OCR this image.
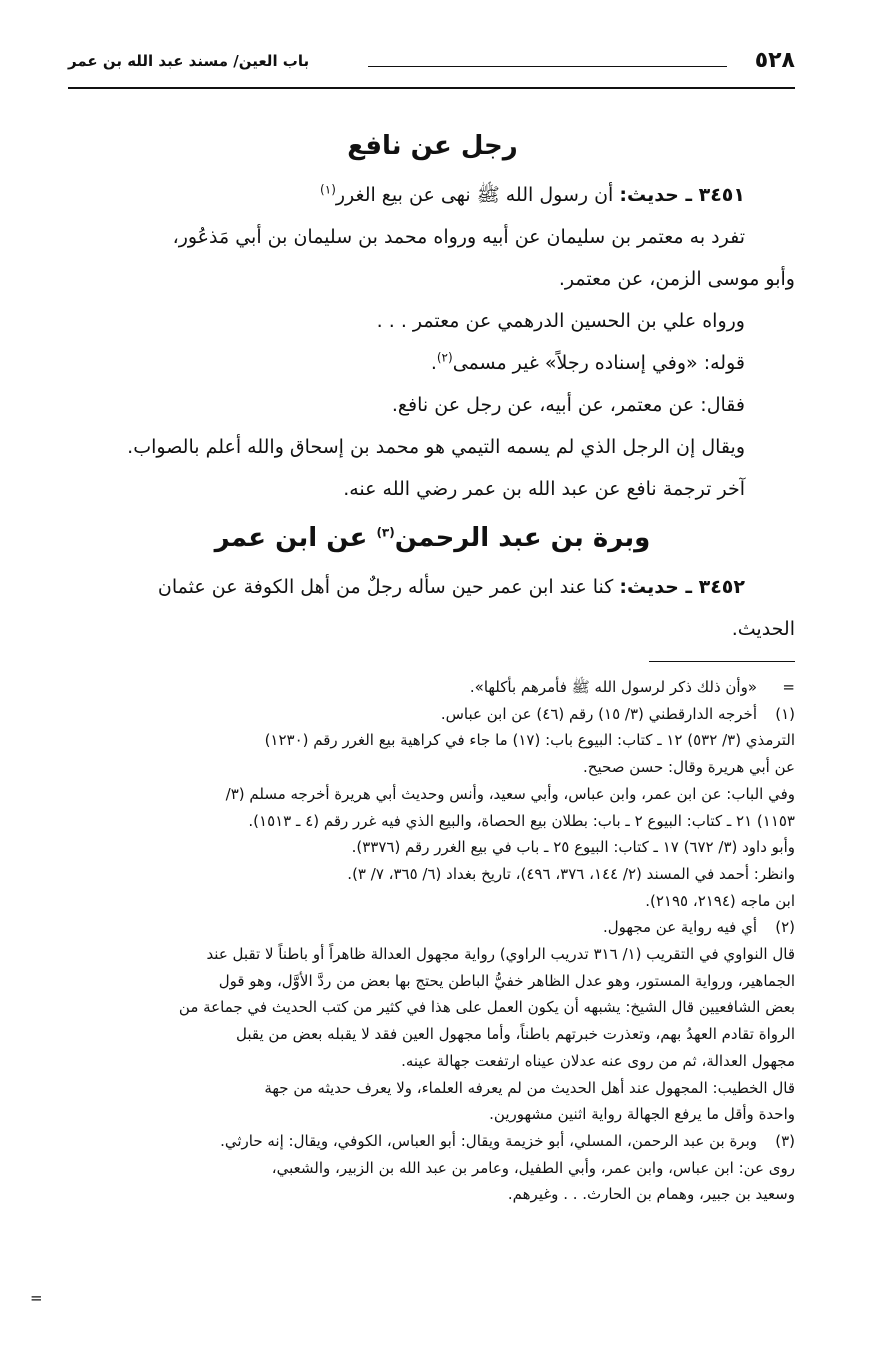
٥٢٨
باب العين/ مسند عبد الله بن عمر
رجل عن نافع

٣٤٥١ ـ حديث: أن رسول الله ﷺ نهى عن بيع الغرر$^{(١)}$

تفرد به معتمر بن سليمان عن أبيه ورواه محمد بن سليمان بن أبي مَذعُور،

وأبو موسى الزمن، عن معتمر.

ورواه علي بن الحسين الدرهمي عن معتمر . . .

قوله: «وفي إسناده رجلاً» غير مسمى$^{(٢)}$.

فقال: عن معتمر، عن أبيه، عن رجل عن نافع.

ويقال إن الرجل الذي لم يسمه التيمي هو محمد بن إسحاق والله أعلم بالصواب.

آخر ترجمة نافع عن عبد الله بن عمر رضي الله عنه.

وبرة بن عبد الرحمن$^{(٣)}$ عن ابن عمر

٣٤٥٢ ـ حديث: كنا عند ابن عمر حين سأله رجلٌ من أهل الكوفة عن عثمان

الحديث.

=

«وأن ذلك ذكر لرسول الله ﷺ فأمرهم بأكلها».

(١)

أخرجه الدارقطني (٣/ ١٥) رقم (٤٦) عن ابن عباس.

الترمذي (٣/ ٥٣٢) ١٢ ـ كتاب: البيوع باب: (١٧) ما جاء في كراهية بيع الغرر رقم (١٢٣٠)

عن أبي هريرة وقال: حسن صحيح.

وفي الباب: عن ابن عمر، وابن عباس، وأبي سعيد، وأنس وحديث أبي هريرة أخرجه مسلم (٣/

١١٥٣) ٢١ ـ كتاب: البيوع ٢ ـ باب: بطلان بيع الحصاة، والبيع الذي فيه غرر رقم (٤ ـ ١٥١٣).

وأبو داود (٣/ ٦٧٢) ١٧ ـ كتاب: البيوع ٢٥ ـ باب في بيع الغرر رقم (٣٣٧٦).

وانظر: أحمد في المسند (٢/ ١٤٤، ٣٧٦، ٤٩٦)، تاريخ بغداد (٦/ ٣٦٥، ٧/ ٣).

ابن ماجه (٢١٩٤، ٢١٩٥).

(٢)

أي فيه رواية عن مجهول.

قال النواوي في التقريب (١/ ٣١٦ تدريب الراوي) رواية مجهول العدالة ظاهراً أو باطناً لا تقبل عند

الجماهير، ورواية المستور، وهو عدل الظاهر خفيُّ الباطن يحتج بها بعض من ردَّ الأوَّل، وهو قول

بعض الشافعيين قال الشيخ: يشبهه أن يكون العمل على هذا في كثير من كتب الحديث في جماعة من

الرواة تقادم العهدُ بهم، وتعذرت خبرتهم باطناً، وأما مجهول العين فقد لا يقبله بعض من يقبل

مجهول العدالة، ثم من روى عنه عدلان عيناه ارتفعت جهالة عينه.

قال الخطيب: المجهول عند أهل الحديث من لم يعرفه العلماء، ولا يعرف حديثه من جهة

واحدة وأقل ما يرفع الجهالة رواية اثنين مشهورين.

(٣)

وبرة بن عبد الرحمن، المسلي، أبو خزيمة ويقال: أبو العباس، الكوفي، ويقال: إنه حارثي.

روى عن: ابن عباس، وابن عمر، وأبي الطفيل، وعامر بن عبد الله بن الزبير، والشعبي،

وسعيد بن جبير، وهمام بن الحارث. . . وغيرهم.

=
